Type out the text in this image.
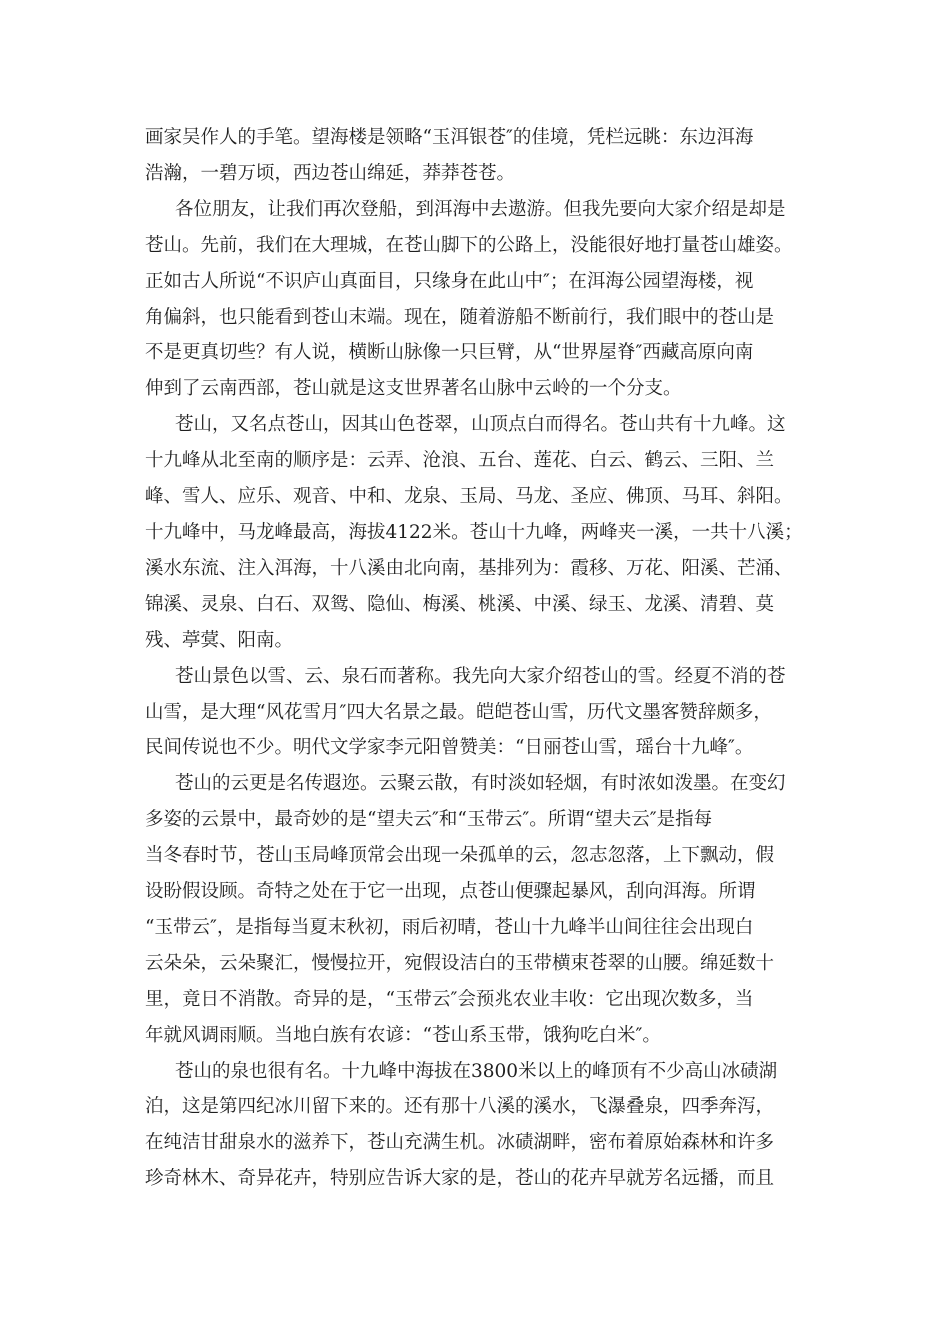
画家吴作人的手笔。望海楼是领略“玉洱银苍″的佳境，凭栏远眺：东边洱海
浩瀚，一碧万顷，西边苍山绵延，莽莽苍苍。
各位朋友，让我们再次登船，到洱海中去遨游。但我先要向大家介绍是却是
苍山。先前，我们在大理城，在苍山脚下的公路上，没能很好地打量苍山雄姿。
正如古人所说“不识庐山真面目，只缘身在此山中″；在洱海公园望海楼，视
角偏斜，也只能看到苍山末端。现在，随着游船不断前行，我们眼中的苍山是
不是更真切些？有人说，横断山脉像一只巨臂，从“世界屋脊″西藏高原向南
伸到了云南西部，苍山就是这支世界著名山脉中云岭的一个分支。
苍山，又名点苍山，因其山色苍翠，山顶点白而得名。苍山共有十九峰。这
十九峰从北至南的顺序是：云弄、沧浪、五台、莲花、白云、鹤云、三阳、兰
峰、雪人、应乐、观音、中和、龙泉、玉局、马龙、圣应、佛顶、马耳、斜阳。
十九峰中，马龙峰最高，海拔4122米。苍山十九峰，两峰夹一溪，一共十八溪；
溪水东流、注入洱海，十八溪由北向南，基排列为：霞移、万花、阳溪、芒涌、
锦溪、灵泉、白石、双鸳、隐仙、梅溪、桃溪、中溪、绿玉、龙溪、清碧、莫
残、葶蓂、阳南。
苍山景色以雪、云、泉石而著称。我先向大家介绍苍山的雪。经夏不消的苍
山雪，是大理“风花雪月″四大名景之最。皑皑苍山雪，历代文墨客赞辞颇多，
民间传说也不少。明代文学家李元阳曾赞美：“日丽苍山雪，瑶台十九峰″。
苍山的云更是名传遐迩。云聚云散，有时淡如轻烟，有时浓如泼墨。在变幻
多姿的云景中，最奇妙的是“望夫云″和“玉带云″。所谓“望夫云″是指每
当冬春时节，苍山玉局峰顶常会出现一朵孤单的云，忽志忽落，上下飘动，假
设盼假设顾。奇特之处在于它一出现，点苍山便骤起暴风，刮向洱海。所谓
“玉带云″，是指每当夏末秋初，雨后初晴，苍山十九峰半山间往往会出现白
云朵朵，云朵聚汇，慢慢拉开，宛假设洁白的玉带横束苍翠的山腰。绵延数十
里，竟日不消散。奇异的是，“玉带云″会预兆农业丰收：它出现次数多，当
年就风调雨顺。当地白族有农谚：“苍山系玉带，饿狗吃白米″。
苍山的泉也很有名。十九峰中海拔在3800米以上的峰顶有不少高山冰碛湖
泊，这是第四纪冰川留下来的。还有那十八溪的溪水，飞瀑叠泉，四季奔泻，
在纯洁甘甜泉水的滋养下，苍山充满生机。冰碛湖畔，密布着原始森林和许多
珍奇林木、奇异花卉，特别应告诉大家的是，苍山的花卉早就芳名远播，而且
